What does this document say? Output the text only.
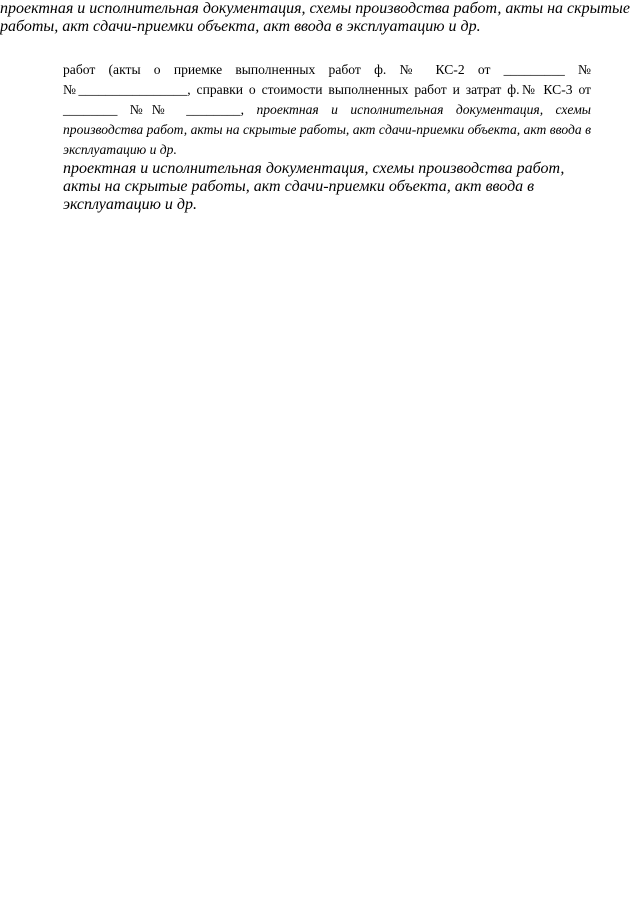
работ (акты о приемке выполненных работ ф. № КС-2 от _________ №№________________, справки о стоимости выполненных работ и затрат ф.№ КС-3 от ________ №№ ________, проектная и исполнительная документация, схемы производства работ, акты на скрытые работы, акт сдачи-приемки объекта, акт ввода в эксплуатацию и др.

проектная и исполнительная документация, схемы производства работ, акты на скрытые работы, акт сдачи-приемки объекта, акт ввода в эксплуатацию и др.
проектная и исполнительная документация, схемы производства работ, акты на скрытые работы, акт сдачи-приемки объекта, акт ввода в эксплуатацию и др.
